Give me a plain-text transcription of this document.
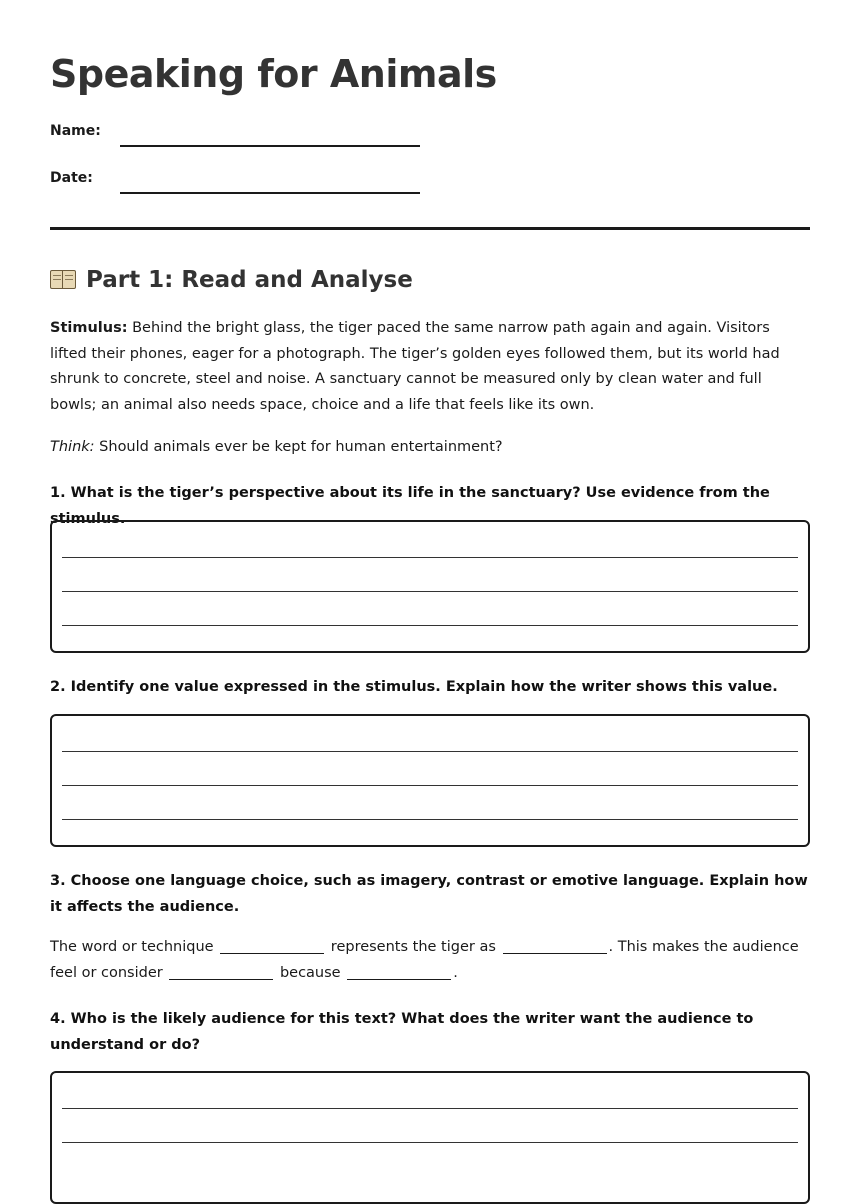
Speaking for Animals
Name:
Date:
Part 1: Read and Analyse

Stimulus: Behind the bright glass, the tiger paced the same narrow path again and again. Visitors lifted their phones, eager for a photograph. The tiger’s golden eyes followed them, but its world had shrunk to concrete, steel and noise. A sanctuary cannot be measured only by clean water and full bowls; an animal also needs space, choice and a life that feels like its own.

Think: Should animals ever be kept for human entertainment?

1. What is the tiger’s perspective about its life in the sanctuary? Use evidence from the stimulus.

2. Identify one value expressed in the stimulus. Explain how the writer shows this value.

3. Choose one language choice, such as imagery, contrast or emotive language. Explain how it affects the audience.

The word or technique	represents the tiger as	. This makes the audience feel or consider	because	.

4. Who is the likely audience for this text? What does the writer want the audience to understand or do?
